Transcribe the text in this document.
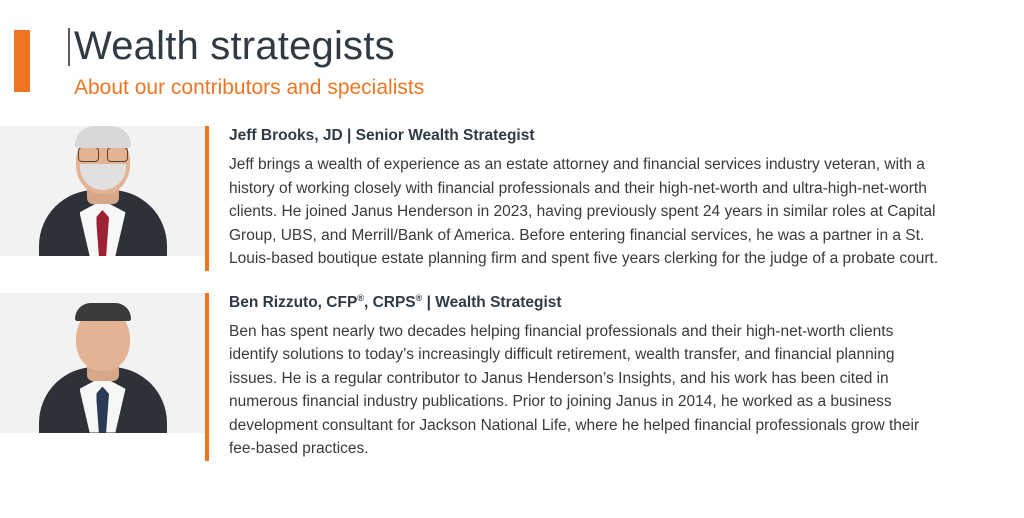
Wealth strategists
About our contributors and specialists
Jeff Brooks, JD | Senior Wealth Strategist
Jeff brings a wealth of experience as an estate attorney and financial services industry veteran, with a history of working closely with financial professionals and their high-net-worth and ultra-high-net-worth clients. He joined Janus Henderson in 2023, having previously spent 24 years in similar roles at Capital Group, UBS, and Merrill/Bank of America. Before entering financial services, he was a partner in a St. Louis-based boutique estate planning firm and spent five years clerking for the judge of a probate court.
Ben Rizzuto, CFP®, CRPS® | Wealth Strategist
Ben has spent nearly two decades helping financial professionals and their high-net-worth clients identify solutions to today’s increasingly difficult retirement, wealth transfer, and financial planning issues. He is a regular contributor to Janus Henderson’s Insights, and his work has been cited in numerous financial industry publications. Prior to joining Janus in 2014, he worked as a business development consultant for Jackson National Life, where he helped financial professionals grow their fee-based practices.
